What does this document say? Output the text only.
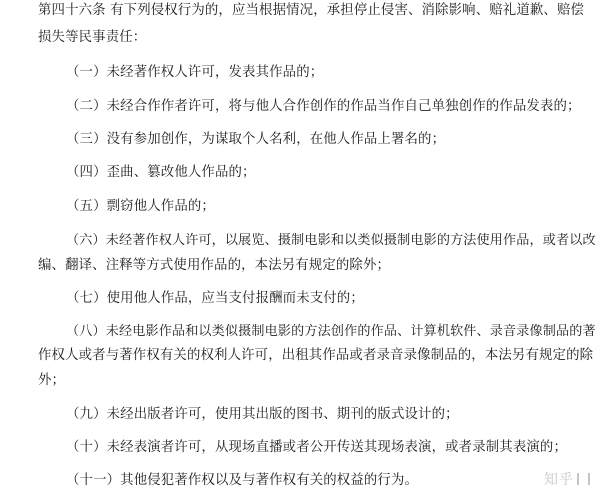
第四十六条 有下列侵权行为的，应当根据情况，承担停止侵害、消除影响、赔礼道歉、赔偿
损失等民事责任：
（一）未经著作权人许可，发表其作品的；
（二）未经合作作者许可，将与他人合作创作的作品当作自己单独创作的作品发表的；
（三）没有参加创作，为谋取个人名利，在他人作品上署名的；
（四）歪曲、篡改他人作品的；
（五）剽窃他人作品的；
（六）未经著作权人许可，以展览、摄制电影和以类似摄制电影的方法使用作品，或者以改
编、翻译、注释等方式使用作品的，本法另有规定的除外；
（七）使用他人作品，应当支付报酬而未支付的；
（八）未经电影作品和以类似摄制电影的方法创作的作品、计算机软件、录音录像制品的著
作权人或者与著作权有关的权利人许可，出租其作品或者录音录像制品的，本法另有规定的除
外；
（九）未经出版者许可，使用其出版的图书、期刊的版式设计的；
（十）未经表演者许可，从现场直播或者公开传送其现场表演，或者录制其表演的；
（十一）其他侵犯著作权以及与著作权有关的权益的行为。	知乎
